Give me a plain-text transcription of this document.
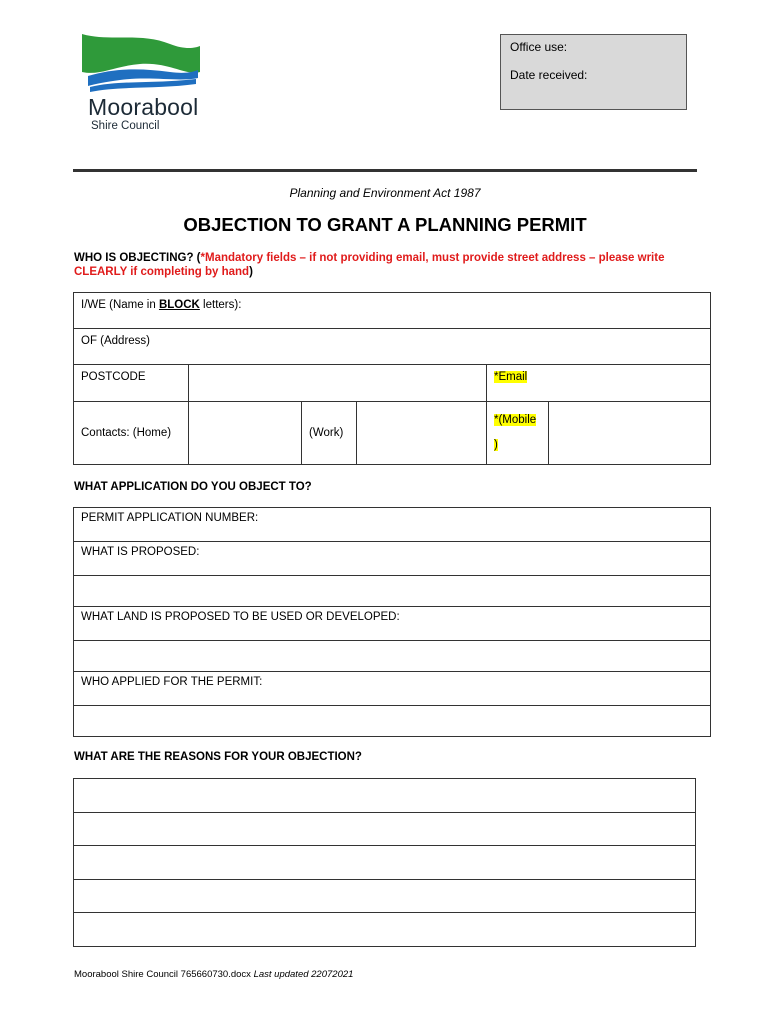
Moorabool
Shire Council
Office use:
Date received:
Planning and Environment Act 1987
OBJECTION TO GRANT A PLANNING PERMIT
WHO IS OBJECTING? (*Mandatory fields – if not providing email, must provide street address – please write CLEARLY if completing by hand)
I/WE (Name in BLOCK letters):					
OF (Address)					
POSTCODE				*Email	
Contacts: (Home)		(Work)		*(Mobile
)	
WHAT APPLICATION DO YOU OBJECT TO?
PERMIT APPLICATION NUMBER:
WHAT IS PROPOSED:

WHAT LAND IS PROPOSED TO BE USED OR DEVELOPED:

WHO APPLIED FOR THE PERMIT:

WHAT ARE THE REASONS FOR YOUR OBJECTION?

Moorabool Shire Council 765660730.docx Last updated 22072021
